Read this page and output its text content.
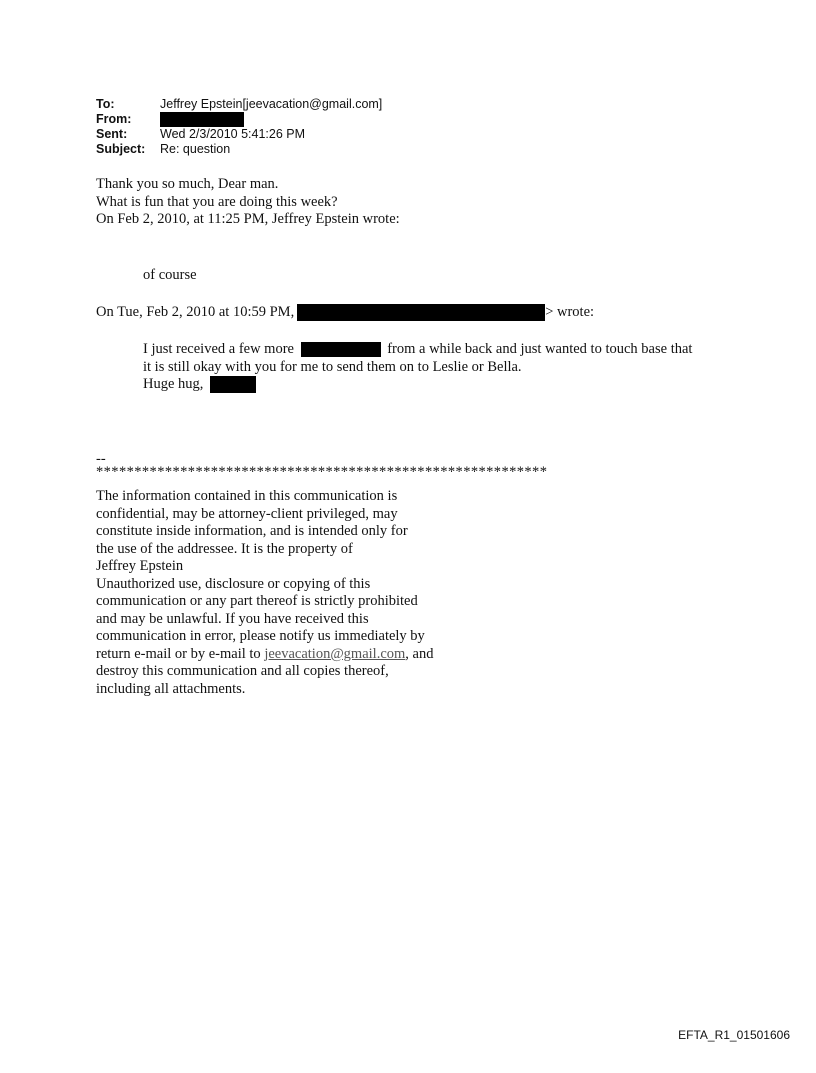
To:	Jeffrey Epstein[jeevacation@gmail.com]
From:
Sent:	Wed 2/3/2010 5:41:26 PM
Subject:	Re: question
Thank you so much, Dear man.
What is fun that you are doing this week?
On Feb 2, 2010, at 11:25 PM, Jeffrey Epstein wrote:
of course
On Tue, Feb 2, 2010 at 10:59 PM,	> wrote:
I just received a few more	from a while back and just wanted to touch base that it is still okay with you for me to send them on to Leslie or Bella.
Huge hug,
--
***********************************************************
The information contained in this communication is
confidential, may be attorney-client privileged, may
constitute inside information, and is intended only for
the use of the addressee. It is the property of
Jeffrey Epstein
Unauthorized use, disclosure or copying of this
communication or any part thereof is strictly prohibited
and may be unlawful. If you have received this
communication in error, please notify us immediately by
return e-mail or by e-mail to jeevacation@gmail.com, and
destroy this communication and all copies thereof,
including all attachments.
EFTA_R1_01501606
